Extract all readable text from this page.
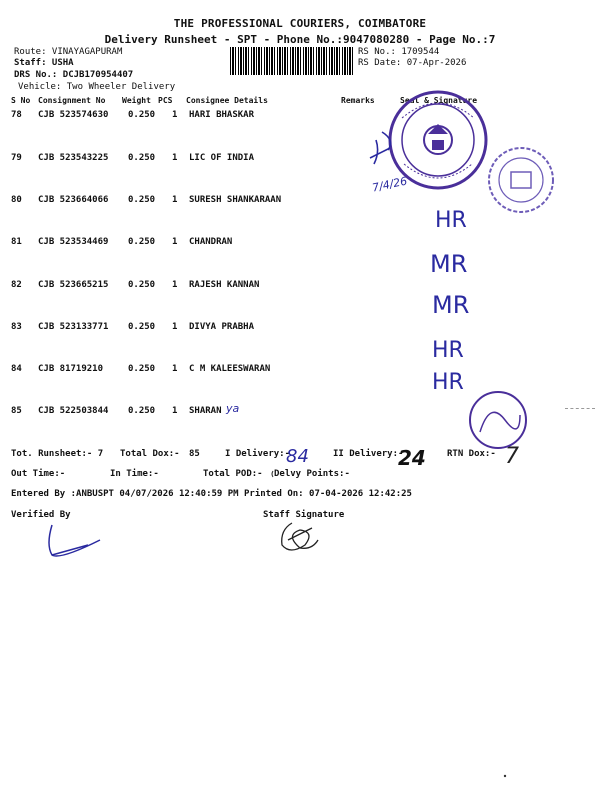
THE PROFESSIONAL COURIERS, COIMBATORE
Delivery Runsheet - SPT - Phone No.:9047080280 - Page No.:7
Route: VINAYAGAPURAM
Staff: USHA
DRS No.: DCJB170954407
Vehicle: Two Wheeler Delivery
RS No.: 1709544
RS Date: 07-Apr-2026
S No Consignment No Weight PCS Consignee Details	Remarks	Seal & Signature
78 CJB 523574630 0.250 1 HARI BHASKAR
79 CJB 523543225 0.250 1 LIC OF INDIA
80 CJB 523664066 0.250 1 SURESH SHANKARAAN
81 CJB 523534469 0.250 1 CHANDRAN
82 CJB 523665215 0.250 1 RAJESH KANNAN
83 CJB 523133771 0.250 1 DIVYA PRABHA
84 CJB 81719210	0.250 1 C M KALEESWARAN
85 CJB 522503844 0.250 1 SHARAN
Tot. Runsheet:- 7 Total Dox:- 85	I Delivery:-	II Delivery:-	RTN Dox:-
Out Time:-	In Time:-	Total POD:- Delvy Points:-
Entered By :ANBUSPT 04/07/2026 12:40:59 PM Printed On: 07-04-2026 12:42:25
Verified By	Staff Signature
84	24	7
7/4/26
HR
MR
MR
HR
HR
ya
